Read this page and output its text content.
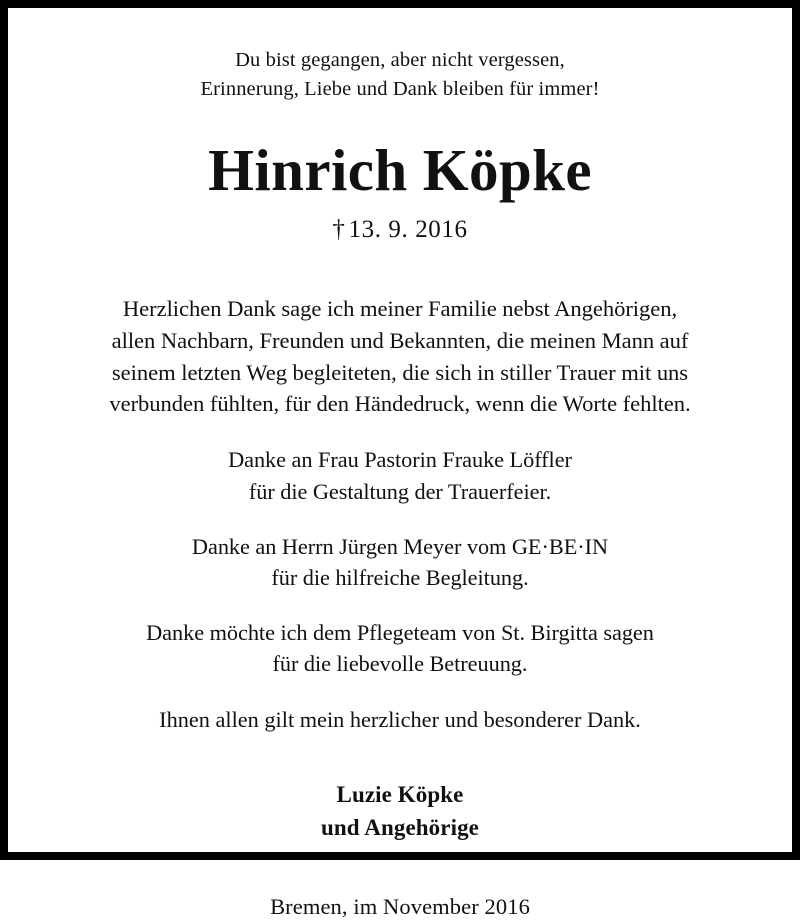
Du bist gegangen, aber nicht vergessen,
Erinnerung, Liebe und Dank bleiben für immer!
Hinrich Köpke
† 13. 9. 2016
Herzlichen Dank sage ich meiner Familie nebst Angehörigen,
allen Nachbarn, Freunden und Bekannten, die meinen Mann auf
seinem letzten Weg begleiteten, die sich in stiller Trauer mit uns
verbunden fühlten, für den Händedruck, wenn die Worte fehlten.
Danke an Frau Pastorin Frauke Löffler
für die Gestaltung der Trauerfeier.
Danke an Herrn Jürgen Meyer vom GE·BE·IN
für die hilfreiche Begleitung.
Danke möchte ich dem Pflegeteam von St. Birgitta sagen
für die liebevolle Betreuung.
Ihnen allen gilt mein herzlicher und besonderer Dank.
Luzie Köpke
und Angehörige
Bremen, im November 2016
